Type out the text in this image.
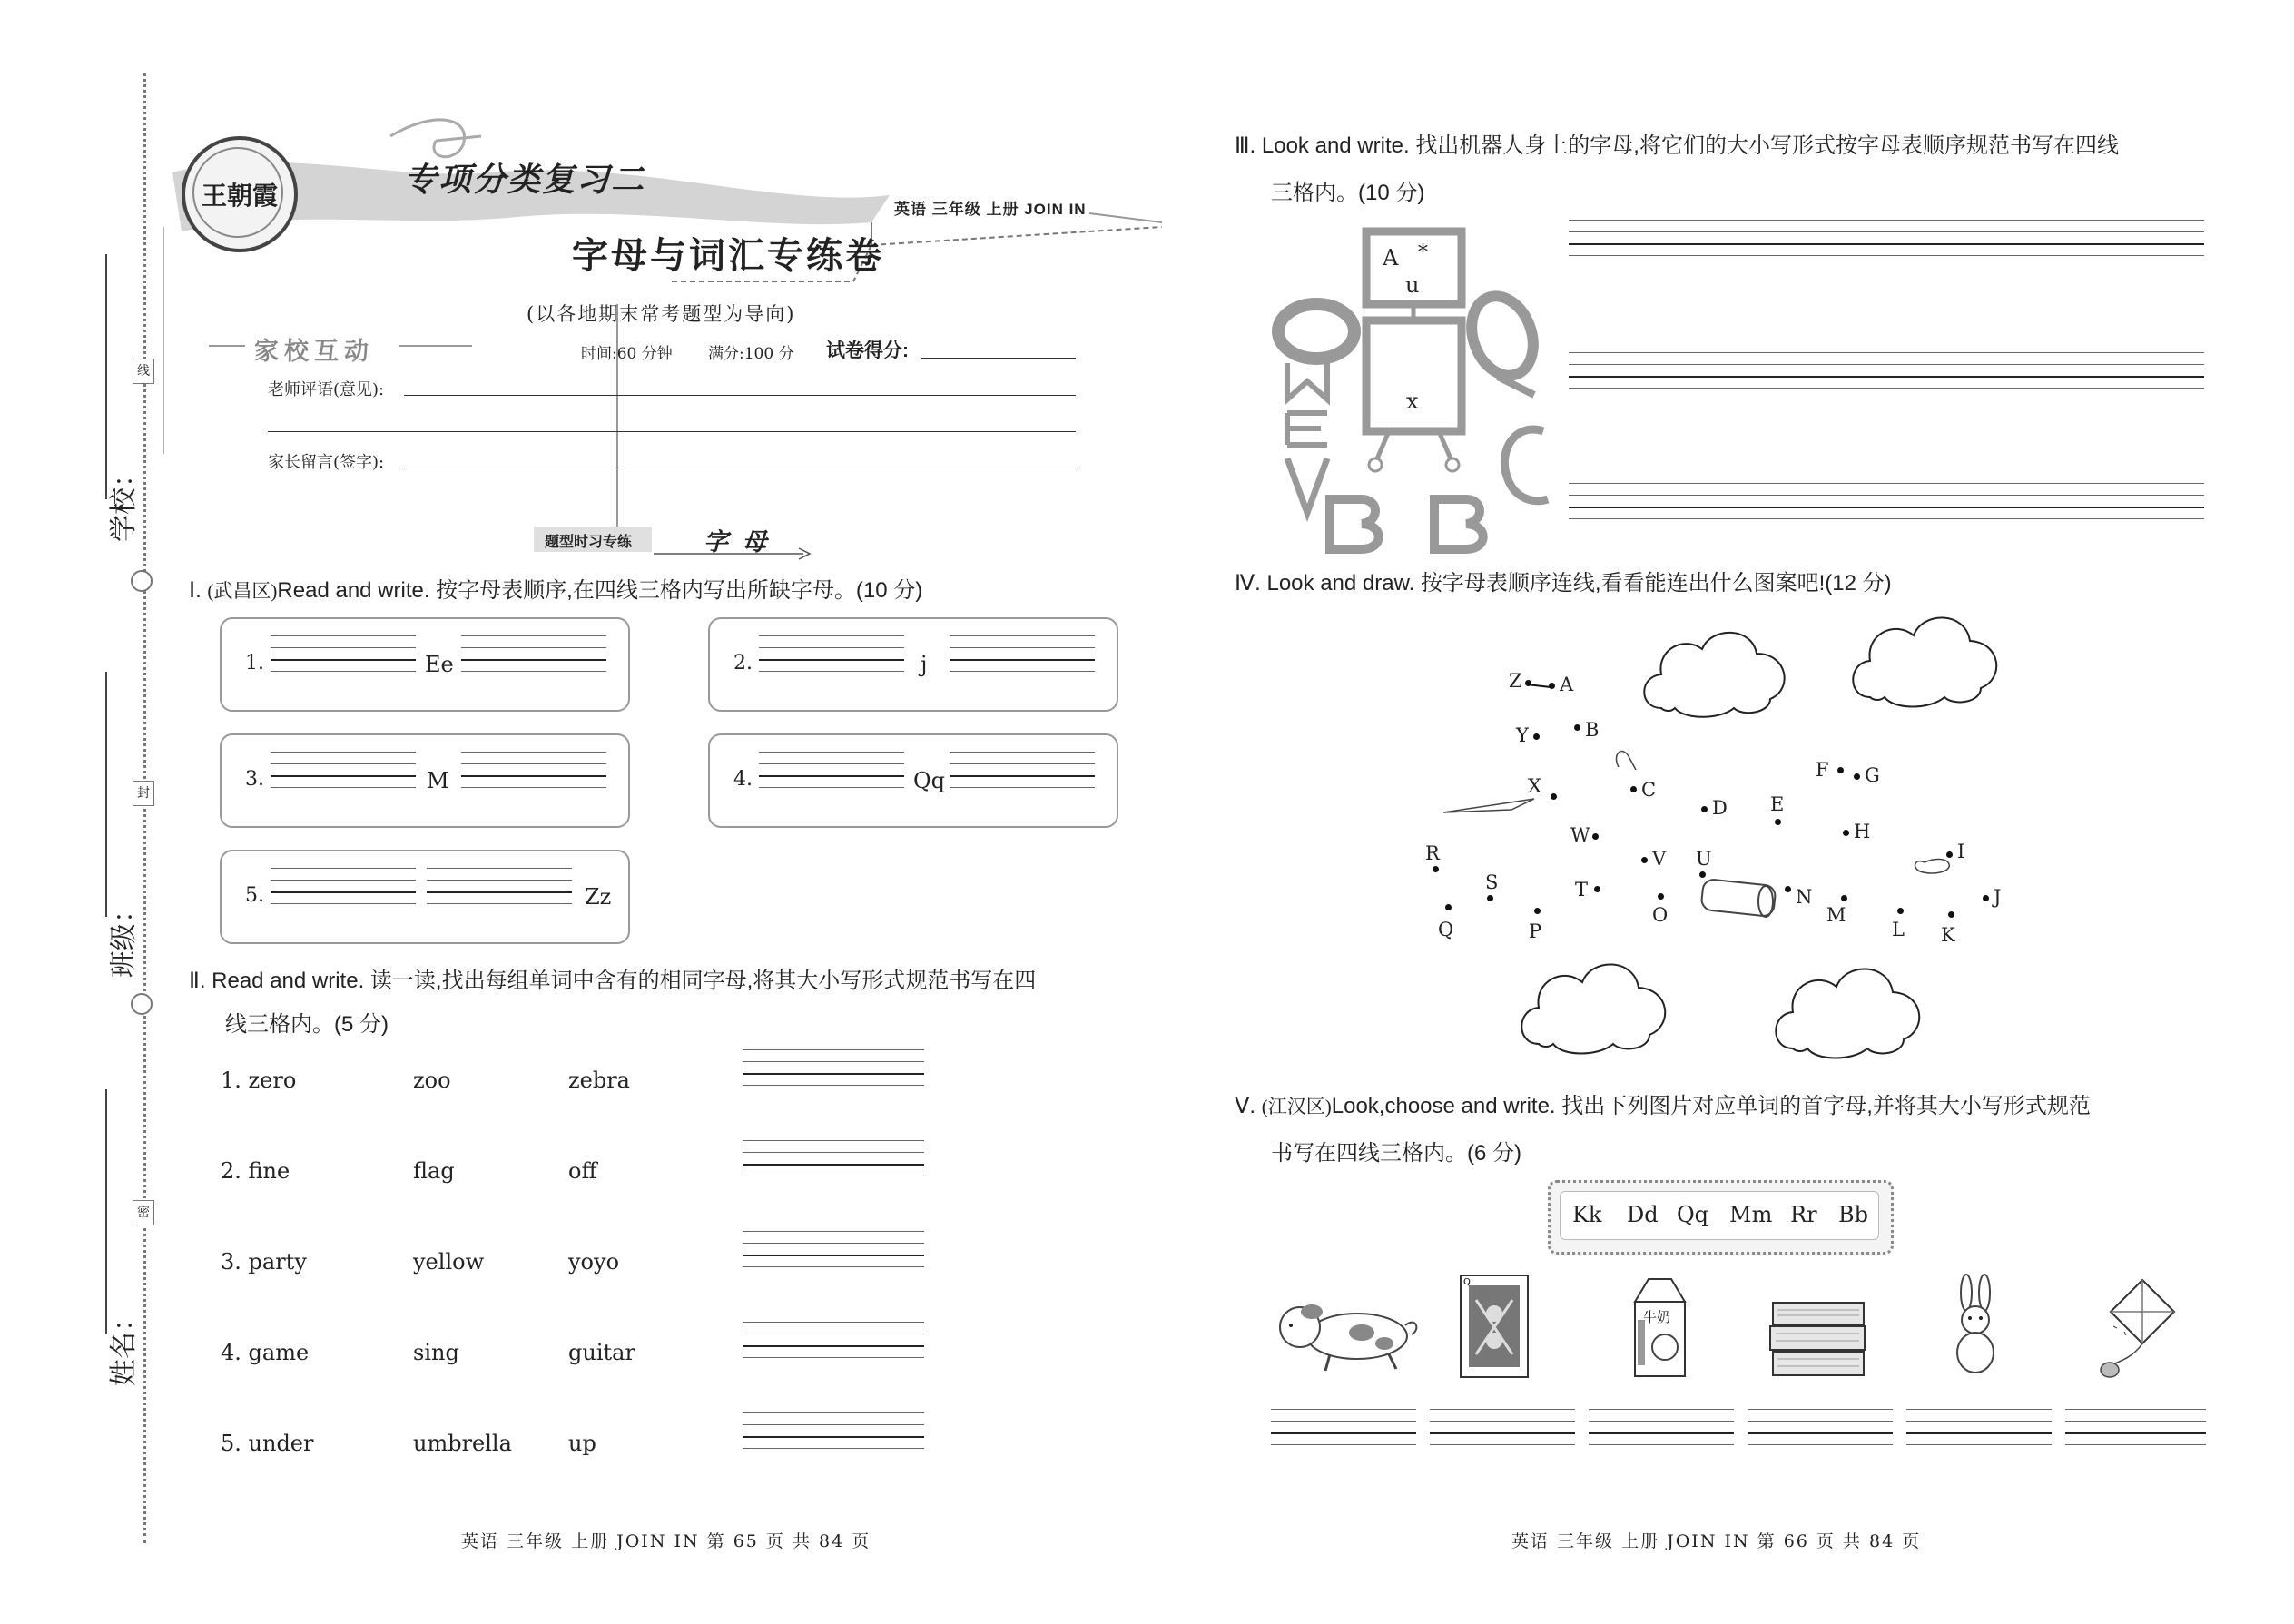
学校：
线
班级：
封
姓名：
密
王朝霞	专项分类复习二
英语 三年级 上册 JOIN IN
字母与词汇专练卷
(以各地期末常考题型为导向)
家校互动	时间:60 分钟 满分:100 分 试卷得分:
老师评语(意见):
家长留言(签字):
题型时习专练	字 母
Ⅰ. (武昌区)Read and write. 按字母表顺序,在四线三格内写出所缺字母。(10 分)
1.	Ee	2.	j
3.	M	4.	Qq
5.	Zz
Ⅱ. Read and write. 读一读,找出每组单词中含有的相同字母,将其大小写形式规范书写在四
线三格内。(5 分)
1. zero	zoo	zebra
2. fine	flag	off
3. party	yellow	yoyo
4. game	sing	guitar
5. under	umbrella	up
英语 三年级 上册 JOIN IN 第 65 页 共 84 页
Ⅲ. Look and write. 找出机器人身上的字母,将它们的大小写形式按字母表顺序规范书写在四线
三格内。(10 分)
A *
u
x
Ⅳ. Look and draw. 按字母表顺序连线,看看能连出什么图案吧!(12 分)
Z A
Y	B
X	C
D E
F G
H
W
R	V U
S	T
I
J
N
M
O
Q	P	L K
Ⅴ. (江汉区)Look,choose and write. 找出下列图片对应单词的首字母,并将其大小写形式规范
书写在四线三格内。(6 分)
Kk Dd Qq Mm Rr Bb
Q
牛奶
英语 三年级 上册 JOIN IN 第 66 页 共 84 页
